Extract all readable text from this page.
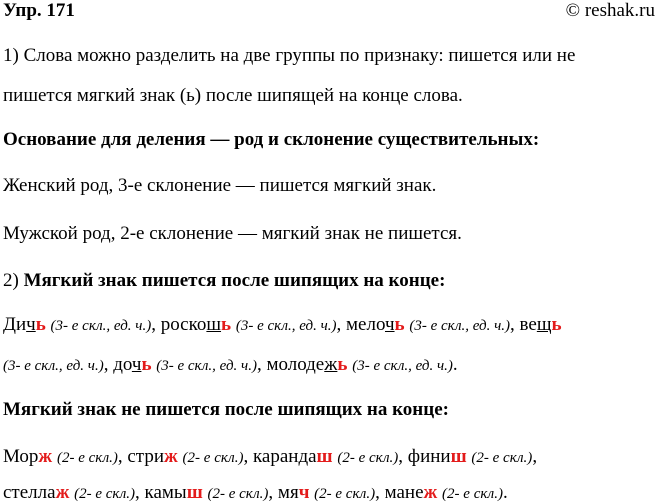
Упр. 171	© reshak.ru
1) Слова можно разделить на две группы по признаку: пишется или не
пишется мягкий знак (ь) после шипящей на конце слова.
Основание для деления — род и склонение существительных:
Женский род, 3-е склонение — пишется мягкий знак.
Мужской род, 2-е склонение — мягкий знак не пишется.
2) Мягкий знак пишется после шипящих на конце:
Дичь (3- е скл., ед. ч.), роскошь (3- е скл., ед. ч.), мелочь (3- е скл., ед. ч.), вещь
(3- е скл., ед. ч.), дочь (3- е скл., ед. ч.), молодежь (3- е скл., ед. ч.).
Мягкий знак не пишется после шипящих на конце:
Морж (2- е скл.), стриж (2- е скл.), карандаш (2- е скл.), финиш (2- е скл.),
стеллаж (2- е скл.), камыш (2- е скл.), мяч (2- е скл.), манеж (2- е скл.).
